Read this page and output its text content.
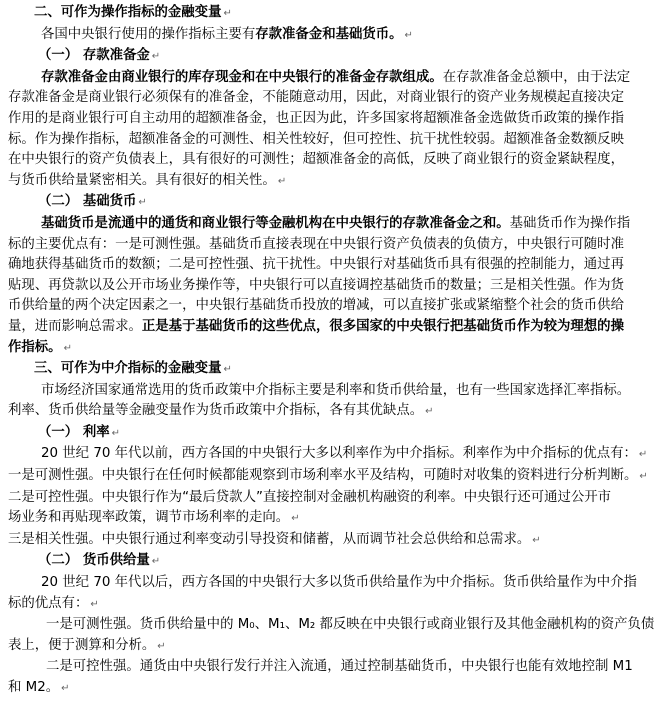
二、可作为操作指标的金融变量 ↵
各国中央银行使用的操作指标主要有存款准备金和基础货币。 ↵
（一） 存款准备金 ↵
存款准备金由商业银行的库存现金和在中央银行的准备金存款组成。在存款准备金总额中，由于法定
存款准备金是商业银行必须保有的准备金，不能随意动用，因此，对商业银行的资产业务规模起直接决定
作用的是商业银行可自主动用的超额准备金，也正因为此，许多国家将超额准备金选做货币政策的操作指
标。作为操作指标，超额准备金的可测性、相关性较好，但可控性、抗干扰性较弱。超额准备金数额反映
在中央银行的资产负债表上，具有很好的可测性；超额准备金的高低，反映了商业银行的资金紧缺程度，
与货币供给量紧密相关。具有很好的相关性。 ↵
（二） 基础货币 ↵
基础货币是流通中的通货和商业银行等金融机构在中央银行的存款准备金之和。基础货币作为操作指
标的主要优点有：一是可测性强。基础货币直接表现在中央银行资产负债表的负债方，中央银行可随时准
确地获得基础货币的数额；二是可控性强、抗干扰性。中央银行对基础货币具有很强的控制能力，通过再
贴现、再贷款以及公开市场业务操作等，中央银行可以直接调控基础货币的数量；三是相关性强。作为货
币供给量的两个决定因素之一，中央银行基础货币投放的增减，可以直接扩张或紧缩整个社会的货币供给
量，进而影响总需求。正是基于基础货币的这些优点，很多国家的中央银行把基础货币作为较为理想的操
作指标。 ↵
三、可作为中介指标的金融变量 ↵
市场经济国家通常选用的货币政策中介指标主要是利率和货币供给量，也有一些国家选择汇率指标。
利率、货币供给量等金融变量作为货币政策中介指标，各有其优缺点。 ↵
（一） 利率 ↵
20 世纪 70 年代以前，西方各国的中央银行大多以利率作为中介指标。利率作为中介指标的优点有： ↵
一是可测性强。中央银行在任何时候都能观察到市场利率水平及结构，可随时对收集的资料进行分析判断。 ↵
二是可控性强。中央银行作为“最后贷款人”直接控制对金融机构融资的利率。中央银行还可通过公开市
场业务和再贴现率政策，调节市场利率的走向。 ↵
三是相关性强。中央银行通过利率变动引导投资和储蓄，从而调节社会总供给和总需求。 ↵
（二） 货币供给量 ↵
20 世纪 70 年代以后，西方各国的中央银行大多以货币供给量作为中介指标。货币供给量作为中介指
标的优点有： ↵
一是可测性强。货币供给量中的 M₀、M₁、M₂ 都反映在中央银行或商业银行及其他金融机构的资产负债
表上，便于测算和分析。 ↵
二是可控性强。通货由中央银行发行并注入流通，通过控制基础货币，中央银行也能有效地控制 M1
和 M2。 ↵
